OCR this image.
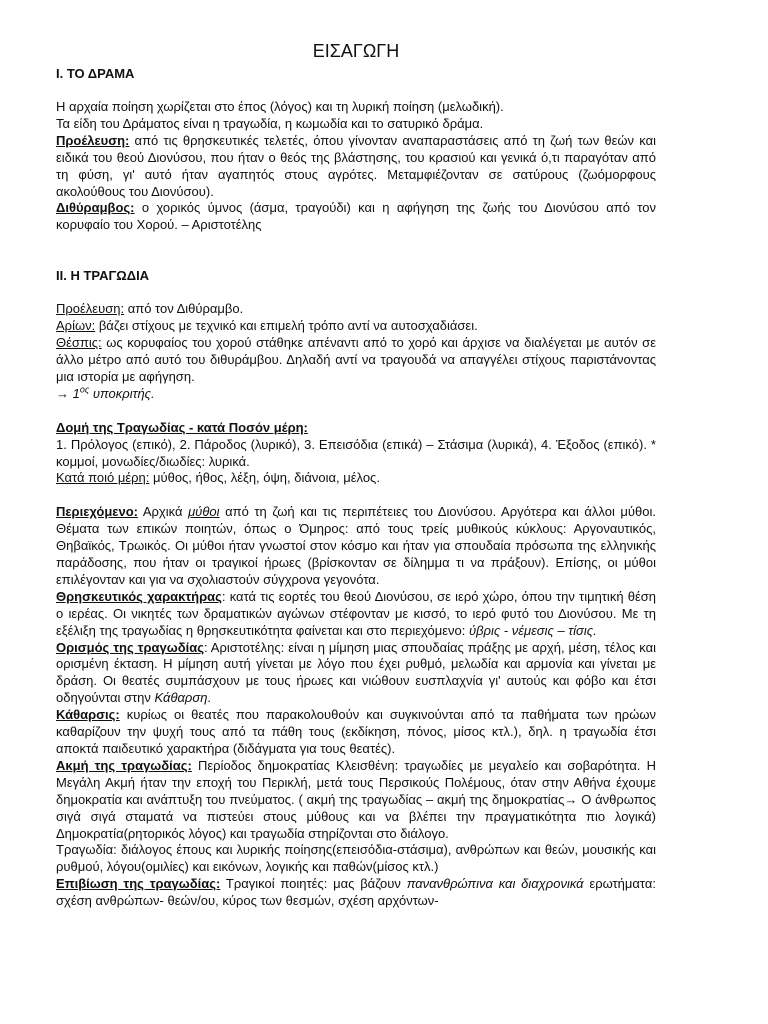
ΕΙΣΑΓΩΓΗ
I. ΤΟ ΔΡΑΜΑ

Η αρχαία ποίηση χωρίζεται στο έπος (λόγος) και τη λυρική ποίηση (μελωδική).

Τα είδη του Δράματος είναι η τραγωδία, η κωμωδία και το σατυρικό δράμα.

Προέλευση: από τις θρησκευτικές τελετές, όπου γίνονταν αναπαραστάσεις από τη ζωή των θεών και ειδικά του θεού Διονύσου, που ήταν ο θεός της βλάστησης, του κρασιού και γενικά ό,τι παραγόταν από τη φύση, γι' αυτό ήταν αγαπητός στους αγρότες. Μεταμφιέζονταν σε σατύρους (ζωόμορφους ακολούθους του Διονύσου).

Διθύραμβος: ο χορικός ύμνος (άσμα, τραγούδι) και η αφήγηση της ζωής του Διονύσου από τον κορυφαίο του Χορού. – Αριστοτέλης

II. Η ΤΡΑΓΩΔΙΑ

Προέλευση: από τον Διθύραμβο.

Αρίων: βάζει στίχους με τεχνικό και επιμελή τρόπο αντί να αυτοσχαδιάσει.

Θέσπις: ως κορυφαίος του χορού στάθηκε απέναντι από το χορό και άρχισε να διαλέγεται με αυτόν σε άλλο μέτρο από αυτό του διθυράμβου. Δηλαδή αντί να τραγουδά να απαγγέλει στίχους παριστάνοντας μια ιστορία με αφήγηση.

→ $1^{o\varsigma}$ υποκριτής.

Δομή της Τραγωδίας - κατά Ποσόν μέρη:

1. Πρόλογος (επικό), 2. Πάροδος (λυρικό), 3. Επεισόδια (επικά) – Στάσιμα (λυρικά), 4. Έξοδος (επικό). * κομμοί, μονωδίες/διωδίες: λυρικά.

Κατά ποιό μέρη: μύθος, ήθος, λέξη, όψη, διάνοια, μέλος.

Περιεχόμενο: Αρχικά μύθοι από τη ζωή και τις περιπέτειες του Διονύσου. Αργότερα και άλλοι μύθοι. Θέματα των επικών ποιητών, όπως ο Όμηρος: από τους τρείς μυθικούς κύκλους: Αργοναυτικός, Θηβαϊκός, Τρωικός. Οι μύθοι ήταν γνωστοί στον κόσμο και ήταν για σπουδαία πρόσωπα της ελληνικής παράδοσης, που ήταν οι τραγικοί ήρωες (βρίσκονταν σε δίλημμα τι να πράξουν). Επίσης, οι μύθοι επιλέγονταν και για να σχολιαστούν σύγχρονα γεγονότα.

Θρησκευτικός χαρακτήρας: κατά τις εορτές του θεού Διονύσου, σε ιερό χώρο, όπου την τιμητική θέση ο ιερέας. Οι νικητές των δραματικών αγώνων στέφονταν με κισσό, το ιερό φυτό του Διονύσου. Με τη εξέλιξη της τραγωδίας η θρησκευτικότητα φαίνεται και στο περιεχόμενο: ύβρις - νέμεσις – τίσις.

Ορισμός της τραγωδίας: Αριστοτέλης: είναι η μίμηση μιας σπουδαίας πράξης με αρχή, μέση, τέλος και ορισμένη έκταση. Η μίμηση αυτή γίνεται με λόγο που έχει ρυθμό, μελωδία και αρμονία και γίνεται με δράση. Οι θεατές συμπάσχουν με τους ήρωες και νιώθουν ευσπλαχνία γι' αυτούς και φόβο και έτσι οδηγούνται στην Κάθαρση.

Κάθαρσις: κυρίως οι θεατές που παρακολουθούν και συγκινούνται από τα παθήματα των ηρώων καθαρίζουν την ψυχή τους από τα πάθη τους (εκδίκηση, πόνος, μίσος κτλ.), δηλ. η τραγωδία έτσι αποκτά παιδευτικό χαρακτήρα (διδάγματα για τους θεατές).

Ακμή της τραγωδίας: Περίοδος δημοκρατίας Κλεισθένη: τραγωδίες με μεγαλείο και σοβαρότητα. Η Μεγάλη Ακμή ήταν την εποχή του Περικλή, μετά τους Περσικούς Πολέμους, όταν στην Αθήνα έχουμε δημοκρατία και ανάπτυξη του πνεύματος. ( ακμή της τραγωδίας – ακμή της δημοκρατίας→ Ο άνθρωπος σιγά σιγά σταματά να πιστεύει στους μύθους και να βλέπει την πραγματικότητα πιο λογικά) Δημοκρατία(ρητορικός λόγος) και τραγωδία στηρίζονται στο διάλογο.

Τραγωδία: διάλογος έπους και λυρικής ποίησης(επεισόδια-στάσιμα), ανθρώπων και θεών, μουσικής και ρυθμού, λόγου(ομιλίες) και εικόνων, λογικής και παθών(μίσος κτλ.)

Επιβίωση της τραγωδίας: Τραγικοί ποιητές: μας βάζουν πανανθρώπινα και διαχρονικά ερωτήματα: σχέση ανθρώπων- θεών/ου, κύρος των θεσμών, σχέση αρχόντων-
